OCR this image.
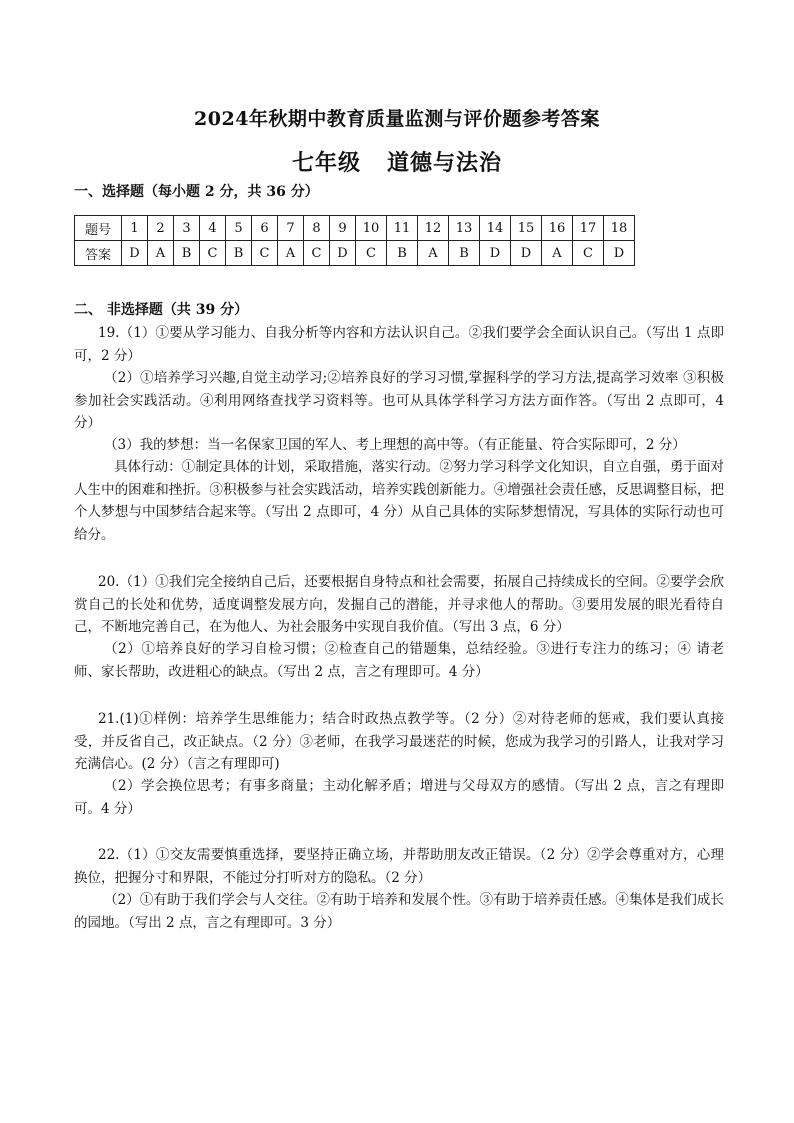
2024年秋期中教育质量监测与评价题参考答案
七年级 道德与法治
一、选择题（每小题 2 分，共 36 分）
题号	1	2	3	4	5	6	7	8	9	10	11	12	13	14	15	16	17	18
答案	D	A	B	C	B	C	A	C	D	C	B	A	B	D	D	A	C	D
二、 非选择题（共 39 分）

19.（1）①要从学习能力、自我分析等内容和方法认识自己。②我们要学会全面认识自己。（写出 1 点即可，2 分）

（2）①培养学习兴趣,自觉主动学习;②培养良好的学习习惯,掌握科学的学习方法,提高学习效率 ③积极参加社会实践活动。④利用网络查找学习资料等。也可从具体学科学习方法方面作答。（写出 2 点即可，4 分）

（3）我的梦想：当一名保家卫国的军人、考上理想的高中等。（有正能量、符合实际即可，2 分）

具体行动：①制定具体的计划，采取措施，落实行动。②努力学习科学文化知识，自立自强，勇于面对人生中的困难和挫折。③积极参与社会实践活动，培养实践创新能力。④增强社会责任感，反思调整目标，把个人梦想与中国梦结合起来等。（写出 2 点即可，4 分）从自己具体的实际梦想情况，写具体的实际行动也可给分。

20.（1）①我们完全接纳自己后，还要根据自身特点和社会需要，拓展自己持续成长的空间。②要学会欣赏自己的长处和优势，适度调整发展方向，发掘自己的潜能，并寻求他人的帮助。③要用发展的眼光看待自己，不断地完善自己，在为他人、为社会服务中实现自我价值。（写出 3 点，6 分）

（2）①培养良好的学习自检习惯；②检查自己的错题集，总结经验。③进行专注力的练习；④ 请老师、家长帮助，改进粗心的缺点。（写出 2 点，言之有理即可。4 分）

21.(1)①样例：培养学生思维能力；结合时政热点教学等。（2 分）②对待老师的惩戒，我们要认真接受，并反省自己，改正缺点。（2 分）③老师，在我学习最迷茫的时候，您成为我学习的引路人，让我对学习充满信心。(2 分）（言之有理即可)

（2）学会换位思考；有事多商量；主动化解矛盾；增进与父母双方的感情。（写出 2 点，言之有理即可。4 分）

22.（1）①交友需要慎重选择，要坚持正确立场，并帮助朋友改正错误。（2 分）②学会尊重对方，心理换位，把握分寸和界限，不能过分打听对方的隐私。（2 分）

（2）①有助于我们学会与人交往。②有助于培养和发展个性。③有助于培养责任感。④集体是我们成长的园地。（写出 2 点，言之有理即可。3 分）
